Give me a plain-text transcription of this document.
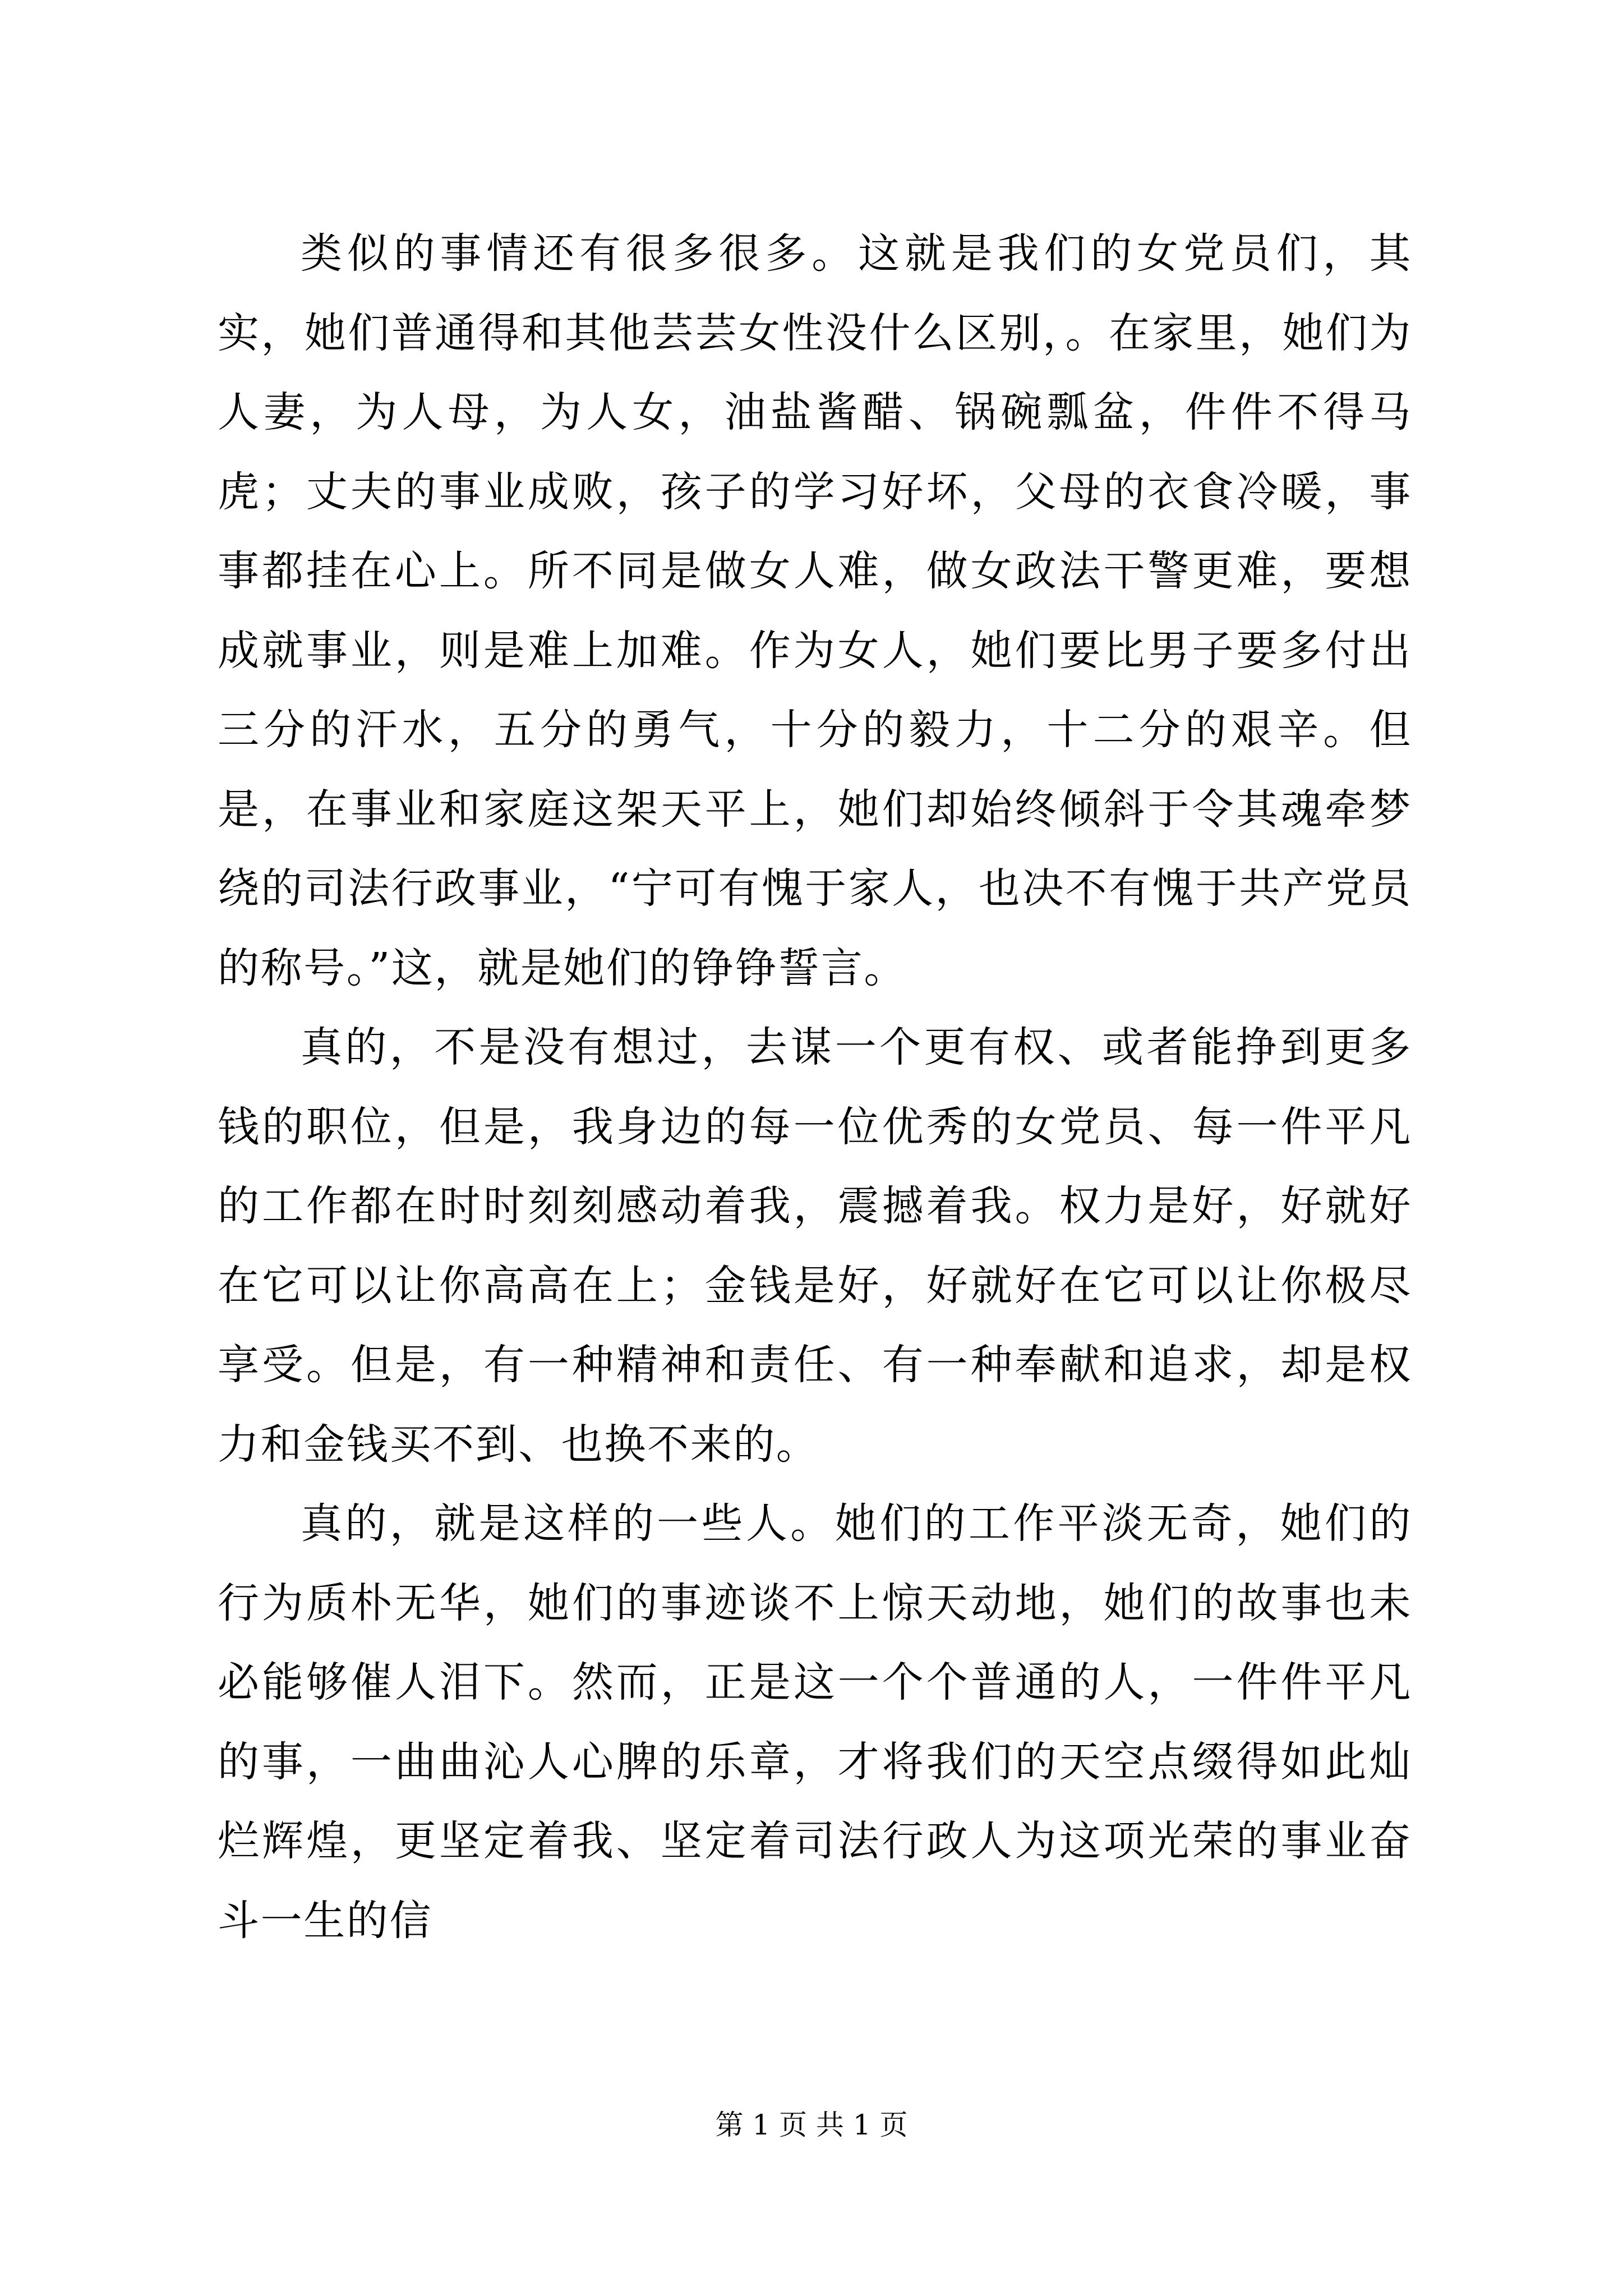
类似的事情还有很多很多。这就是我们的女党员们，其实，她们普通得和其他芸芸女性没什么区别，。在家里，她们为人妻，为人母，为人女，油盐酱醋、锅碗瓢盆，件件不得马虎；丈夫的事业成败，孩子的学习好坏，父母的衣食冷暖，事事都挂在心上。所不同是做女人难，做女政法干警更难，要想成就事业，则是难上加难。作为女人，她们要比男子要多付出三分的汗水，五分的勇气，十分的毅力，十二分的艰辛。但是，在事业和家庭这架天平上，她们却始终倾斜于令其魂牵梦绕的司法行政事业，“宁可有愧于家人，也决不有愧于共产党员的称号。”这，就是她们的铮铮誓言。

真的，不是没有想过，去谋一个更有权、或者能挣到更多钱的职位，但是，我身边的每一位优秀的女党员、每一件平凡的工作都在时时刻刻感动着我，震撼着我。权力是好，好就好在它可以让你高高在上；金钱是好，好就好在它可以让你极尽享受。但是，有一种精神和责任、有一种奉献和追求，却是权力和金钱买不到、也换不来的。

真的，就是这样的一些人。她们的工作平淡无奇，她们的行为质朴无华，她们的事迹谈不上惊天动地，她们的故事也未必能够催人泪下。然而，正是这一个个普通的人，一件件平凡的事，一曲曲沁人心脾的乐章，才将我们的天空点缀得如此灿烂辉煌，更坚定着我、坚定着司法行政人为这项光荣的事业奋斗一生的信

第 1 页 共 1 页
